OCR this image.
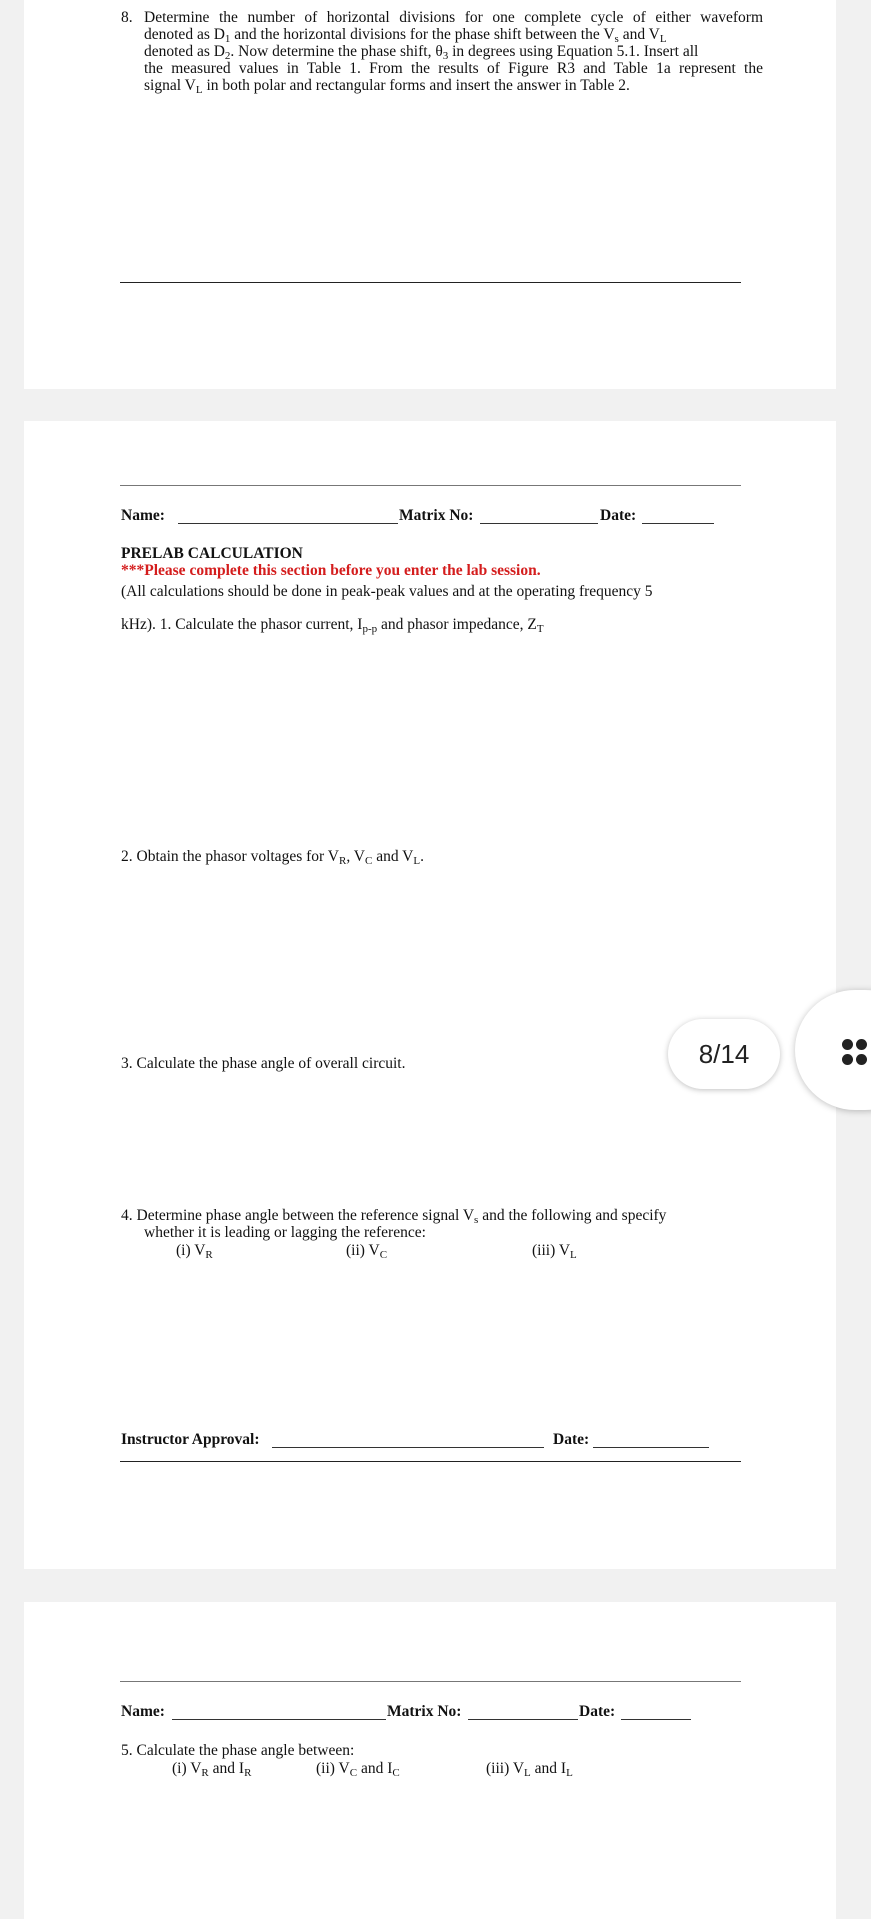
8. Determine the number of horizontal divisions for one complete cycle of either waveform
denoted as $D_1$ and the horizontal divisions for the phase shift between the $V_s$ and $V_L$
denoted as $D_2$. Now determine the phase shift, $\theta_3$ in degrees using Equation 5.1. Insert all
the measured values in Table 1. From the results of Figure R3 and Table 1a represent the
signal $V_L$ in both polar and rectangular forms and insert the answer in Table 2.
Name:	Matrix No:	Date:
PRELAB CALCULATION
***Please complete this section before you enter the lab session.
(All calculations should be done in peak-peak values and at the operating frequency 5
kHz). 1. Calculate the phasor current, $I_{p-p}$ and phasor impedance, $Z_T$
2. Obtain the phasor voltages for $V_R$, $V_C$ and $V_L$.
3. Calculate the phase angle of overall circuit.
4. Determine phase angle between the reference signal $V_s$ and the following and specify
whether it is leading or lagging the reference:
(i) $V_R$	(ii) $V_C$	(iii) $V_L$
Instructor Approval:	Date:
Name:	Matrix No:	Date:
5. Calculate the phase angle between:
(i) $V_R$ and $I_R$	(ii) $V_C$ and $I_C$	(iii) $V_L$ and $I_L$
8/14
